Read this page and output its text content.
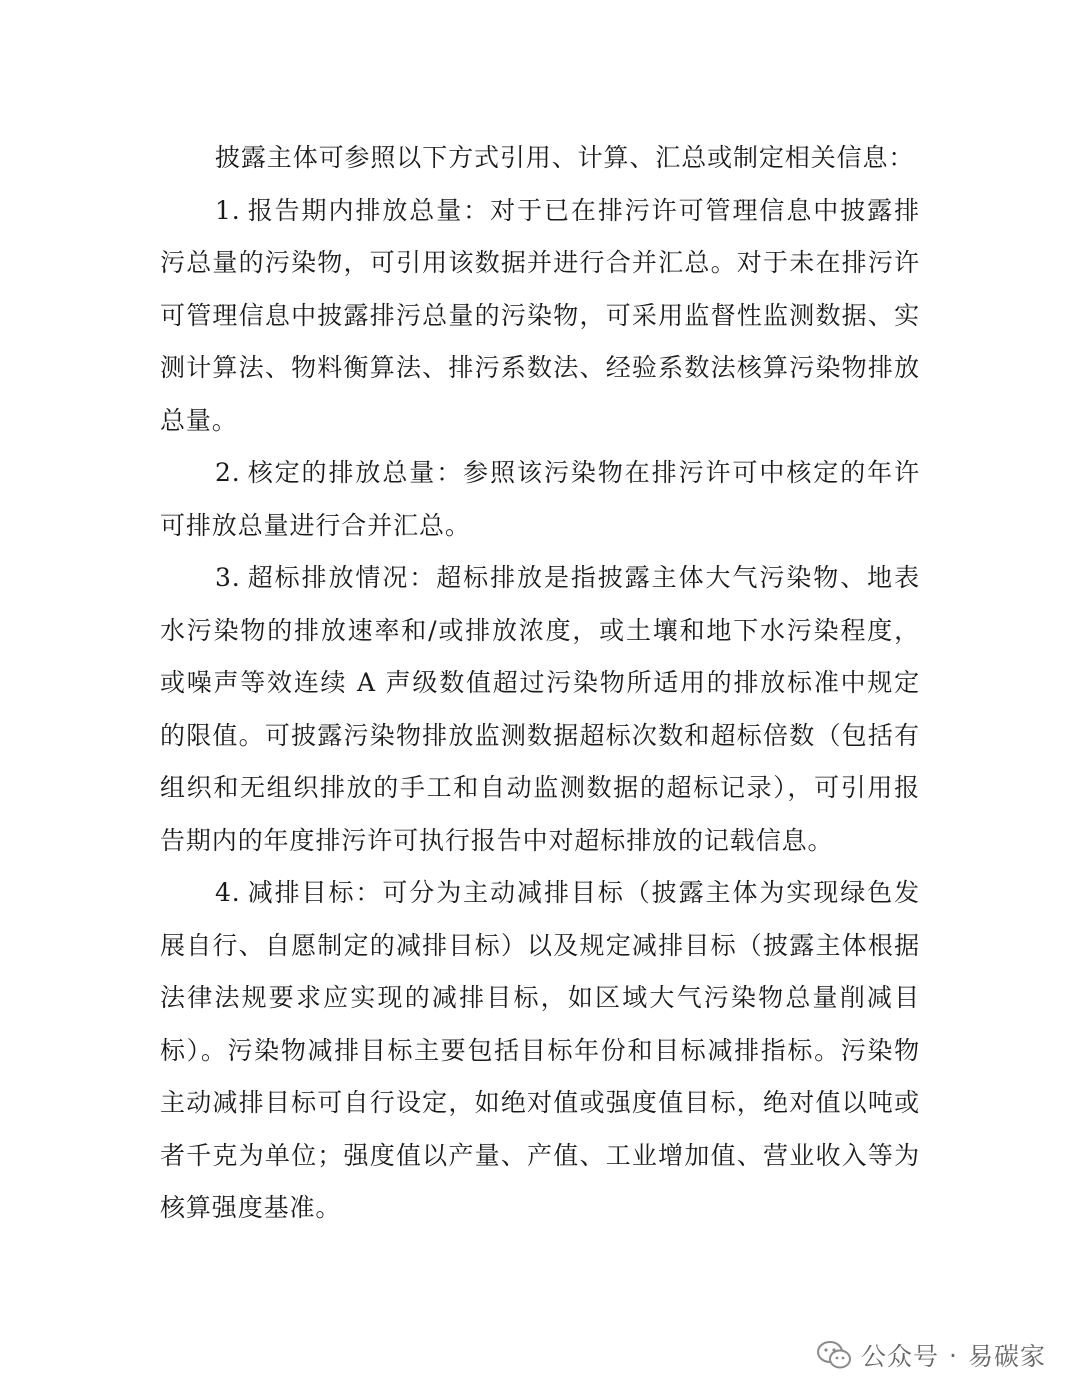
披露主体可参照以下方式引用、计算、汇总或制定相关信息：

1. 报告期内排放总量：对于已在排污许可管理信息中披露排污总量的污染物，可引用该数据并进行合并汇总。对于未在排污许可管理信息中披露排污总量的污染物，可采用监督性监测数据、实测计算法、物料衡算法、排污系数法、经验系数法核算污染物排放总量。

2. 核定的排放总量：参照该污染物在排污许可中核定的年许可排放总量进行合并汇总。

3. 超标排放情况：超标排放是指披露主体大气污染物、地表水污染物的排放速率和/或排放浓度，或土壤和地下水污染程度，或噪声等效连续 A 声级数值超过污染物所适用的排放标准中规定的限值。可披露污染物排放监测数据超标次数和超标倍数（包括有组织和无组织排放的手工和自动监测数据的超标记录），可引用报告期内的年度排污许可执行报告中对超标排放的记载信息。

4. 减排目标：可分为主动减排目标（披露主体为实现绿色发展自行、自愿制定的减排目标）以及规定减排目标（披露主体根据法律法规要求应实现的减排目标，如区域大气污染物总量削减目标）。污染物减排目标主要包括目标年份和目标减排指标。污染物主动减排目标可自行设定，如绝对值或强度值目标，绝对值以吨或者千克为单位；强度值以产量、产值、工业增加值、营业收入等为核算强度基准。

公众号 · 易碳家
